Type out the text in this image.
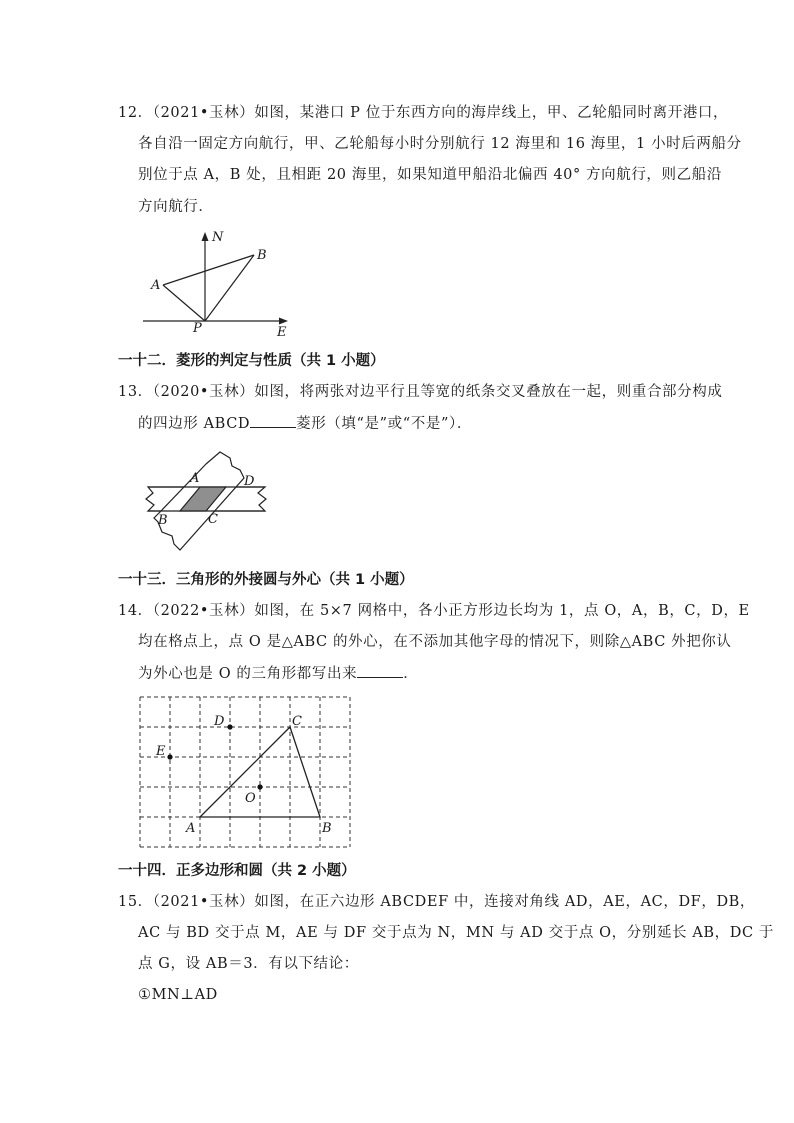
12．（2021•玉林）如图，某港口 P 位于东西方向的海岸线上，甲、乙轮船同时离开港口，
各自沿一固定方向航行，甲、乙轮船每小时分别航行 12 海里和 16 海里，1 小时后两船分
别位于点 A，B 处，且相距 20 海里，如果知道甲船沿北偏西 40° 方向航行，则乙船沿
方向航行．
N
B
A
P	E
一十二．菱形的判定与性质（共 1 小题）
13．（2020•玉林）如图，将两张对边平行且等宽的纸条交叉叠放在一起，则重合部分构成
的四边形 ABCD	菱形（填“是”或“不是”）．
A	D
B	C
一十三．三角形的外接圆与外心（共 1 小题）
14．（2022•玉林）如图，在 5×7 网格中，各小正方形边长均为 1，点 O，A，B，C，D，E
均在格点上，点 O 是△ABC 的外心，在不添加其他字母的情况下，则除△ABC 外把你认
为外心也是 O 的三角形都写出来	．
D	C
E
O
A	B
一十四．正多边形和圆（共 2 小题）
15．（2021•玉林）如图，在正六边形 ABCDEF 中，连接对角线 AD，AE，AC，DF，DB，
AC 与 BD 交于点 M，AE 与 DF 交于点为 N，MN 与 AD 交于点 O，分别延长 AB，DC 于
点 G，设 AB＝3．有以下结论：
①MN⊥AD
